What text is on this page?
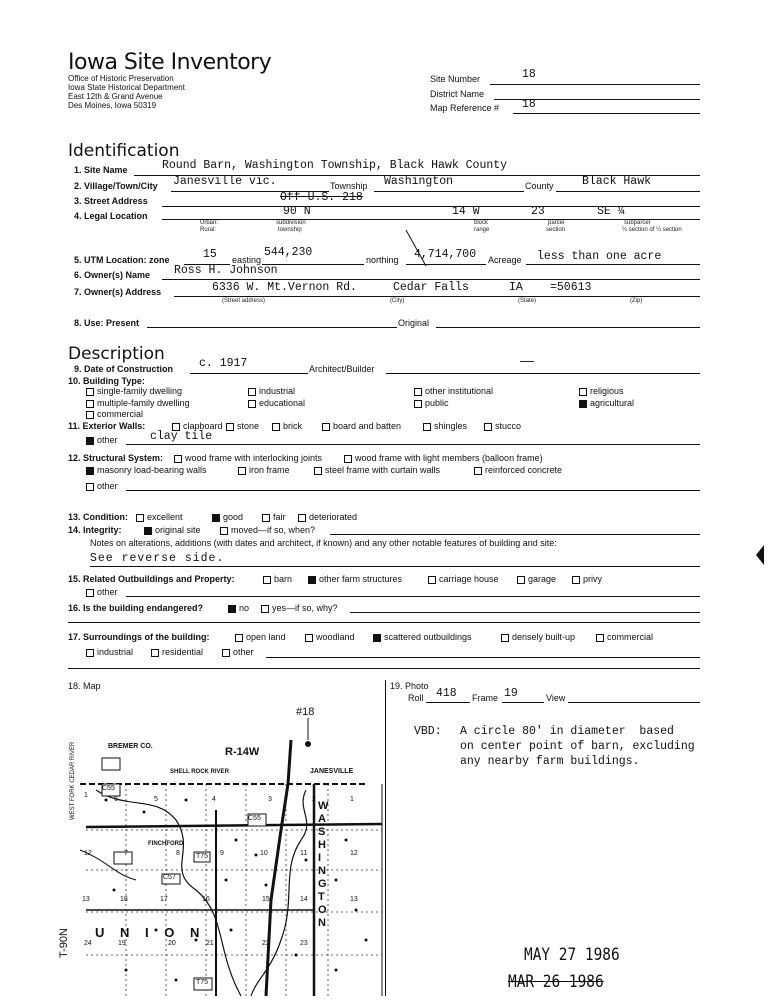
Iowa Site Inventory
Office of Historic Preservation
Iowa State Historical Department
East 12th & Grand Avenue
Des Moines, Iowa 50319
Site Number	18
District Name
Map Reference # 18
Identification
1. Site Name	Round Barn, Washington Township, Black Hawk County
2. Village/Town/City Janesville vic.	Township Washington	County Black Hawk
3. Street Address	Off U.S. 218
4. Legal Location	90 N	14 W	23	SE ¼
Urban:
Rural:
subdivision
township
block
range
parcel
section
subparcel
¼ section of ¼ section
5. UTM Location: zone	15 easting
544,230
northing 4,714,700 Acreage less than one acre
6. Owner(s) Name Ross H. Johnson
7. Owner(s) Address	6336 W. Mt.Vernon Rd.	Cedar Falls	IA =50613
(Street address)	(City)	(State)	(Zip)
8. Use: Present	Original
Description
9. Date of Construction c. 1917	Architect/Builder
—
10. Building Type:
single-family dwelling
multiple-family dwelling
commercial
industrial
educational
other institutional
public
religious
agricultural
11. Exterior Walls:	clapboard	stone	brick	board and batten	shingles	stucco
other	clay tile
12. Structural System:	wood frame with interlocking joints	wood frame with light members (balloon frame)
masonry load-bearing walls	iron frame	steel frame with curtain walls	reinforced concrete
other
13. Condition:	excellent	good	fair	deteriorated
14. Integrity:	original site	moved—if so, when?
Notes on alterations, additions (with dates and architect, if known) and any other notable features of building and site:
See reverse side.
15. Related Outbuildings and Property:	barn	other farm structures	carriage house	garage	privy
other
16. Is the building endangered?	no	yes—if so, why?
17. Surroundings of the building:	open land	woodland	scattered outbuildings	densely built-up	commercial
industrial	residential	other
18. Map
#18
R-14W
BREMER CO.
JANESVILLE
SHELL ROCK RIVER
FINCHFORD
WEST FORK CEDAR RIVER
U N I O N
W A S H I N G T O N
C55
C55
C57
T75
T75
T-90N
1
6	5	4	3	2	1
12	7	8	9	10	11	12
13	18	17	16	15	14	13
24	19	20	21	22	23
19. Photo
Roll 418 Frame 19	View
VBD: A circle 80' in diameter  based
on center point of barn, excluding
any nearby farm buildings.
MAY 27 1986
MAR 26 1986
